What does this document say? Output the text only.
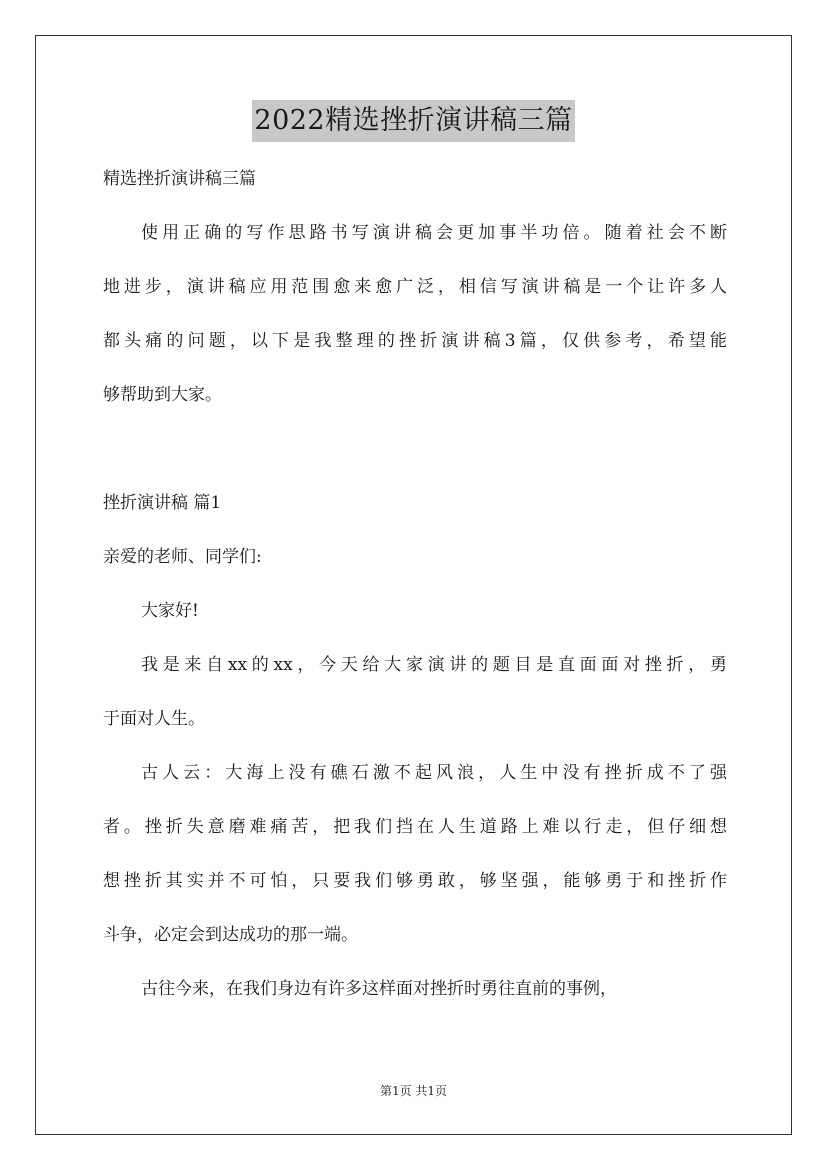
2022精选挫折演讲稿三篇
精选挫折演讲稿三篇
使用正确的写作思路书写演讲稿会更加事半功倍。随着社会不断
地进步，演讲稿应用范围愈来愈广泛，相信写演讲稿是一个让许多人
都头痛的问题，以下是我整理的挫折演讲稿3篇，仅供参考，希望能
够帮助到大家。
挫折演讲稿 篇1
亲爱的老师、同学们:
大家好!
我是来自xx的xx，今天给大家演讲的题目是直面面对挫折，勇
于面对人生。
古人云：大海上没有礁石激不起风浪，人生中没有挫折成不了强
者。挫折失意磨难痛苦，把我们挡在人生道路上难以行走，但仔细想
想挫折其实并不可怕，只要我们够勇敢，够坚强，能够勇于和挫折作
斗争，必定会到达成功的那一端。
古往今来，在我们身边有许多这样面对挫折时勇往直前的事例，
第1页 共1页
